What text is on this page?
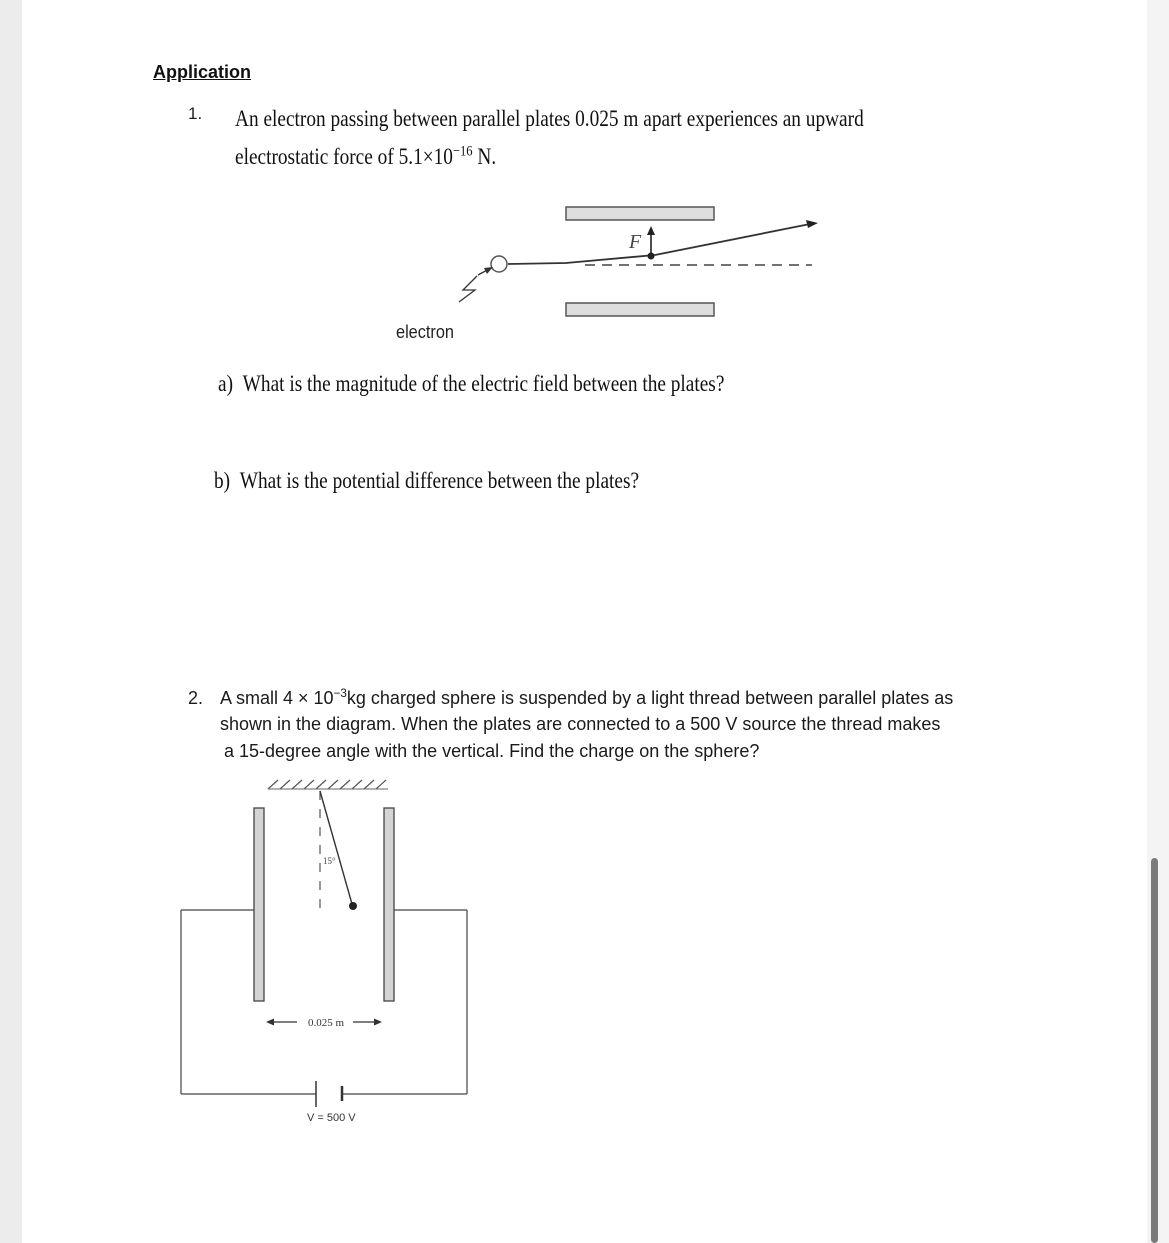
Application
1. An electron passing between parallel plates 0.025 m apart experiences an upward
electrostatic force of $5.1\times 10^{-16}$ N.
F
electron
a) What is the magnitude of the electric field between the plates?
b) What is the potential difference between the plates?
2. A small $4 \times 10^{-3}kg$ charged sphere is suspended by a light thread between parallel plates as
shown in the diagram. When the plates are connected to a 500 V source the thread makes
a 15-degree angle with the vertical. Find the charge on the sphere?
15°
0.025 m
V = 500 V
